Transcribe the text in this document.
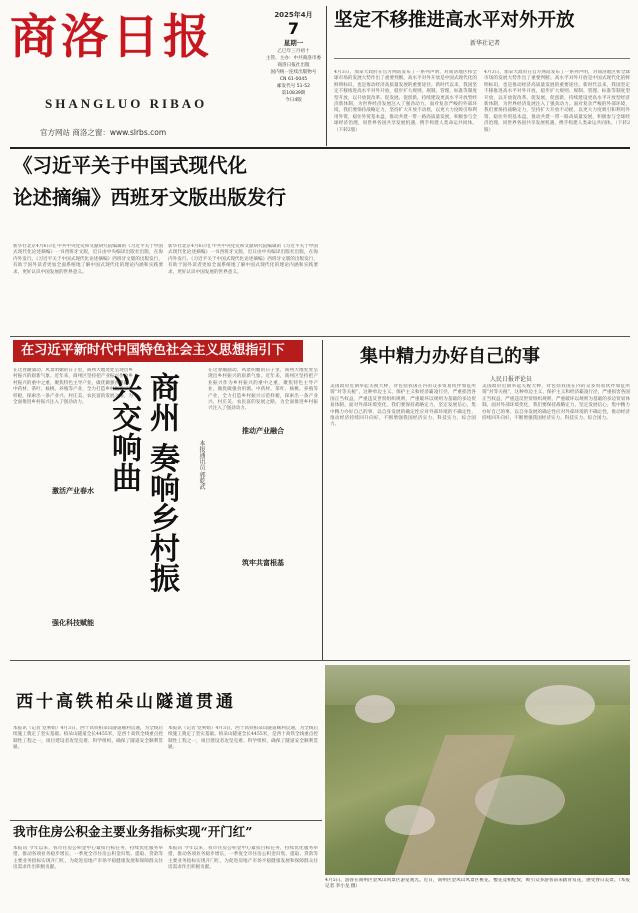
商洛日报
SHANGLUO RIBAO
官方网站 商洛之窗：www.slrbs.com
2025年4月
7
星期一
乙巳年三月初十
主管、主办：中共商洛市委
商洛日报社出版
国内统一连续出版物号
CN 61-0045
邮发代号 51-52
第10839期
今日4版
坚定不移推进高水平对外开放
新华社记者
4月3日，加拿大政府在官方网站发布了一系列声明，对商洛地区和全球市场的发展大势作出了重要判断。高水平对外开放是中国式现代化的鲜明标识，也是推动经济高质量发展的重要途径。新时代以来，我国坚定不移推进高水平对外开放，稳步扩大规则、规制、管理、标准等制度型开放，以开放促改革、促发展、促创新，持续建设更高水平开放型经济新体制，为世界经济发展注入了强劲动力。面对复杂严峻的外部环境，我们要保持战略定力，坚持扩大开放不动摇，以更大力度吸引和利用外资，稳住外贸基本盘，推动共建一带一路高质量发展，积极参与全球经济治理，同世界各国共享发展机遇，携手构建人类命运共同体。（下转2版）
4月3日，加拿大政府在官方网站发布了一系列声明，对商洛地区和全球市场的发展大势作出了重要判断。高水平对外开放是中国式现代化的鲜明标识，也是推动经济高质量发展的重要途径。新时代以来，我国坚定不移推进高水平对外开放，稳步扩大规则、规制、管理、标准等制度型开放，以开放促改革、促发展、促创新，持续建设更高水平开放型经济新体制，为世界经济发展注入了强劲动力。面对复杂严峻的外部环境，我们要保持战略定力，坚持扩大开放不动摇，以更大力度吸引和利用外资，稳住外贸基本盘，推动共建一带一路高质量发展，积极参与全球经济治理，同世界各国共享发展机遇，携手构建人类命运共同体。（下转2版）
《习近平关于中国式现代化
论述摘编》西班牙文版出版发行
新华社北京4月6日电 中共中央党史和文献研究院编辑的《习近平关于中国式现代化论述摘编》一书西班牙文版，近日由中央编译出版社出版，在海内外发行。《习近平关于中国式现代化论述摘编》西班牙文版的出版发行，有助于国外读者更加全面系统地了解中国式现代化的理论内涵和实践要求，更好认识中国发展的世界意义。
新华社北京4月6日电 中共中央党史和文献研究院编辑的《习近平关于中国式现代化论述摘编》一书西班牙文版，近日由中央编译出版社出版，在海内外发行。《习近平关于中国式现代化论述摘编》西班牙文版的出版发行，有助于国外读者更加全面系统地了解中国式现代化的理论内涵和实践要求，更好认识中国发展的世界意义。
在习近平新时代中国特色社会主义思想指引下
在这春潮涌动、风景明媚的日子里，商州大地处处呈现出乡村振兴的崭新气象。近年来，商州区坚持把产业振兴作为乡村振兴的重中之重，聚焦特色主导产业，做优做强食用菌、中药材、茶叶、核桃、养殖等产业，全力打造乡村振兴示范样板，探索出一条产业兴、村庄美、农民富的发展之路，为全面推进乡村振兴注入了强劲动力。	商州 奏响乡村振兴交响曲	本报通讯员 郭乾武
在这春潮涌动、风景明媚的日子里，商州大地处处呈现出乡村振兴的崭新气象。近年来，商州区坚持把产业振兴作为乡村振兴的重中之重，聚焦特色主导产业，做优做强食用菌、中药材、茶叶、核桃、养殖等产业，全力打造乡村振兴示范样板，探索出一条产业兴、村庄美、农民富的发展之路，为全面推进乡村振兴注入了强劲动力。
激活产业春水
强化科技赋能
推动产业融合
筑牢共富根基
集中精力办好自己的事
人民日报评论员
美国政府近期举起关税大棒，对包括我国在内的众多贸易伙伴加征所谓“对等关税”，这种单边主义、保护主义和经济霸凌行径，严重损害各国正当权益，严重违反世贸组织规则，严重破坏以规则为基础的多边贸易体制。面对外部环境变化，我们要保持战略定力，坚定发展信心，集中精力办好自己的事，以自身发展的确定性应对外部环境的不确定性，推动经济持续回升向好，不断增强我国经济实力、科技实力、综合国力。
美国政府近期举起关税大棒，对包括我国在内的众多贸易伙伴加征所谓“对等关税”，这种单边主义、保护主义和经济霸凌行径，严重损害各国正当权益，严重违反世贸组织规则，严重破坏以规则为基础的多边贸易体制。面对外部环境变化，我们要保持战略定力，坚定发展信心，集中精力办好自己的事，以自身发展的确定性应对外部环境的不确定性，推动经济持续回升向好，不断增强我国经济实力、科技实力、综合国力。
西十高铁柏朵山隧道贯通
本报讯（记者 党利娟）4月3日，西十高铁柏朵山隧道顺利贯通，为全线后续施工奠定了坚实基础。柏朵山隧道全长4455米，是西十高铁全线重点控制性工程之一，项目建设者攻坚克难、科学组织，确保了隧道安全顺利贯通。
本报讯（记者 党利娟）4月3日，西十高铁柏朵山隧道顺利贯通，为全线后续施工奠定了坚实基础。柏朵山隧道全长4455米，是西十高铁全线重点控制性工程之一，项目建设者攻坚克难、科学组织，确保了隧道安全顺利贯通。
我市住房公积金主要业务指标实现“开门红”
本报讯 今年以来，我市住房公积金中心紧扣目标任务，持续优化服务举措，推动各项业务稳步增长，一季度全市住房公积金归集、提取、贷款等主要业务指标实现开门红，为促进房地产市场平稳健康发展和保障群众住房需求作出积极贡献。
本报讯 今年以来，我市住房公积金中心紧扣目标任务，持续优化服务举措，推动各项业务稳步增长，一季度全市住房公积金归集、提取、贷款等主要业务指标实现开门红，为促进房地产市场平稳健康发展和保障群众住房需求作出积极贡献。
4月5日，游客在商州区金凤山风景区游览观光。近日，商州区金凤山风景区桃花、樱花竞相绽放，吸引众多游客前来踏青赏花，感受春日美景。（本报记者 李小龙 摄）
